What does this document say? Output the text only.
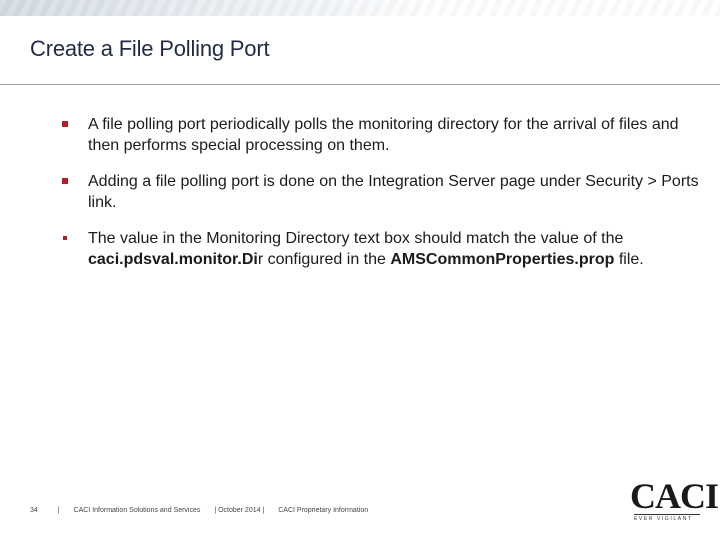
Create a File Polling Port
A file polling port periodically polls the monitoring directory for the arrival of files and then performs special processing on them.
Adding a file polling port is done on the Integration Server page under Security > Ports link.
The value in the Monitoring Directory text box should match the value of the caci.pdsval.monitor.Dir configured in the AMSCommonProperties.prop file.
34	| CACI Information Solutions and Services | October 2014 | CACI Proprietary Information	CACI
EVER VIGILANT
